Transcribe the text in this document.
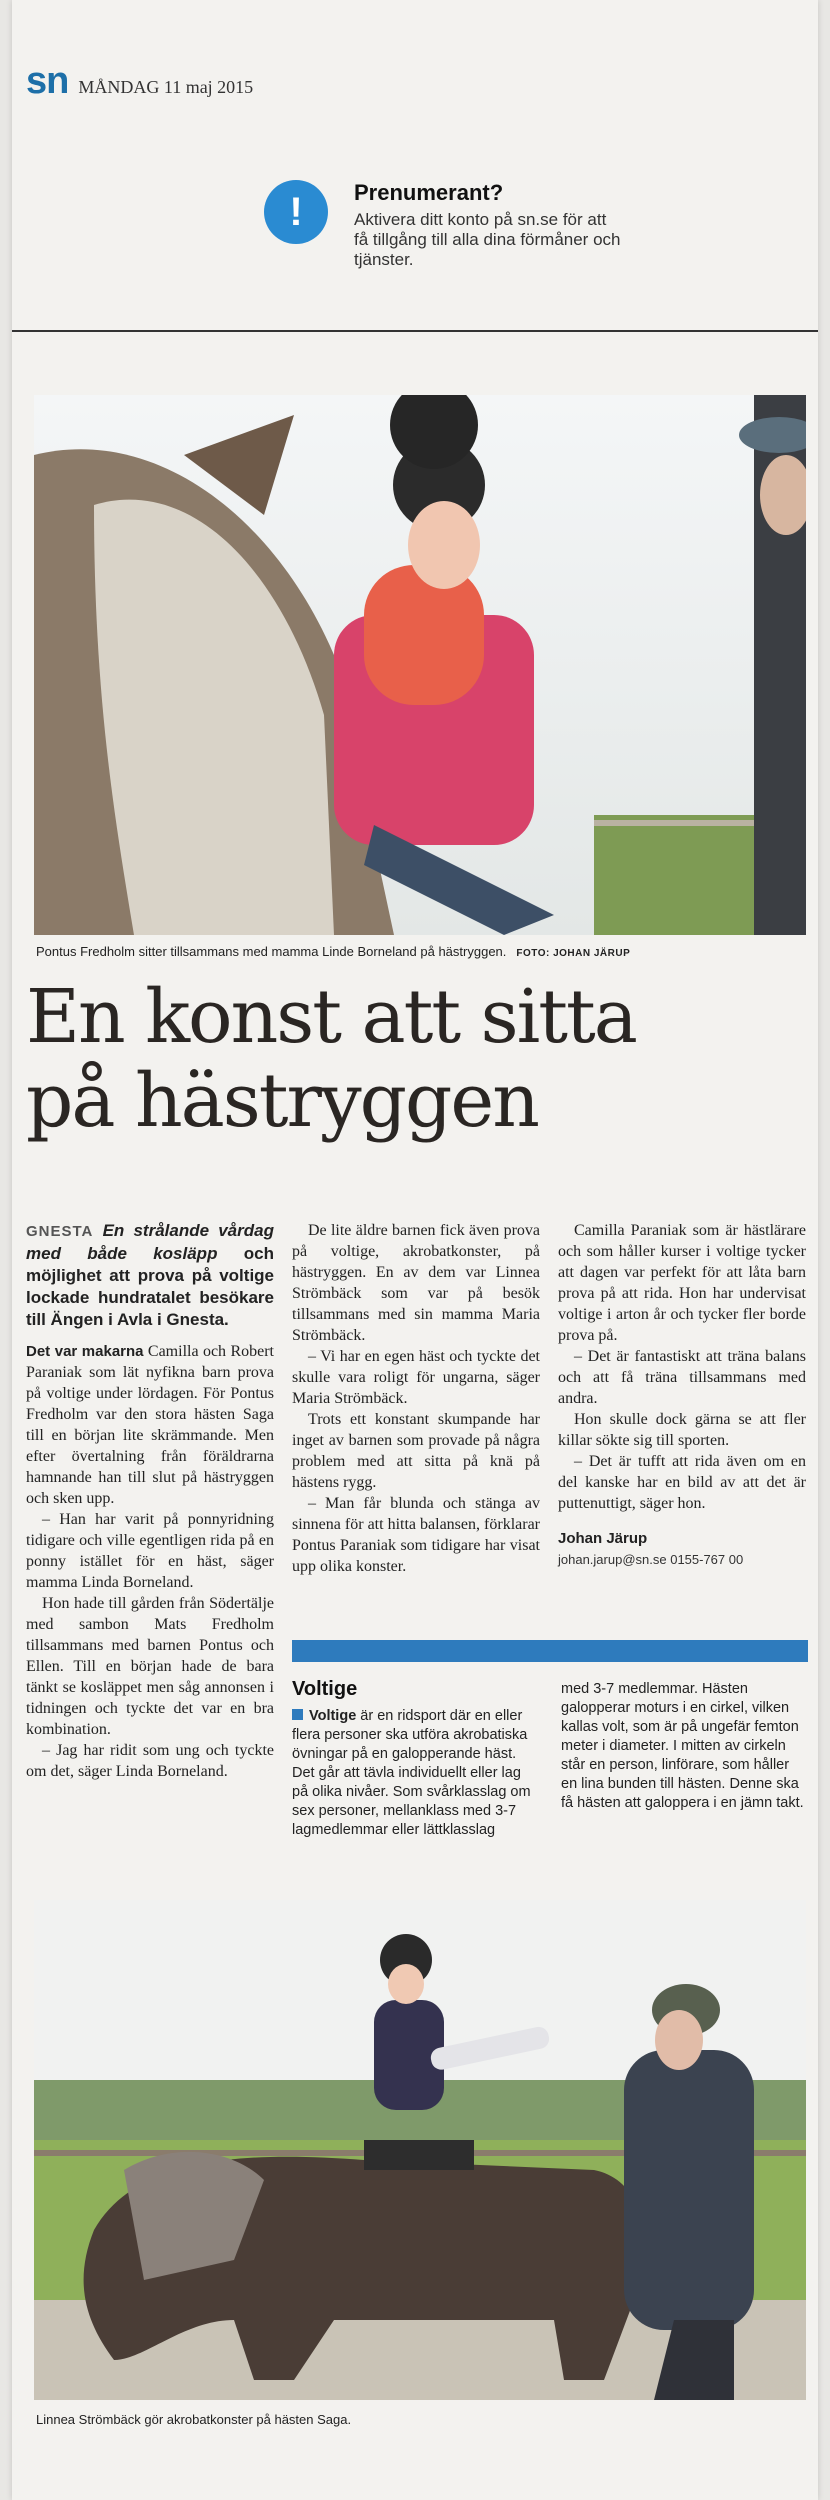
sn MÅNDAG 11 maj 2015
!	Prenumerant?
Aktivera ditt konto på sn.se för att få tillgång till alla dina förmåner och tjänster.
Pontus Fredholm sitter tillsammans med mamma Linde Borneland på hästryggen. FOTO: JOHAN JÄRUP
En konst att sitta
på hästryggen

GNESTA En strålande vårdag med både kosläpp och möjlighet att prova på voltige lockade hundratalet besökare till Ängen i Avla i Gnesta.

Det var makarna Camilla och Robert Paraniak som lät nyfikna barn prova på voltige under lördagen. För Pontus Fredholm var den stora hästen Saga till en början lite skrämmande. Men efter övertalning från föräldrarna hamnande han till slut på hästryggen och sken upp.

– Han har varit på ponnyridning tidigare och ville egentligen rida på en ponny istället för en häst, säger mamma Linda Borneland.

Hon hade till gården från Södertälje med sambon Mats Fredholm tillsammans med barnen Pontus och Ellen. Till en början hade de bara tänkt se kosläppet men såg annonsen i tidningen och tyckte det var en bra kombination.

– Jag har ridit som ung och tyckte om det, säger Linda Borneland.

De lite äldre barnen fick även prova på voltige, akrobatkonster, på hästryggen. En av dem var Linnea Strömbäck som var på besök tillsammans med sin mamma Maria Strömbäck.

– Vi har en egen häst och tyckte det skulle vara roligt för ungarna, säger Maria Strömbäck.

Trots ett konstant skumpande har inget av barnen som provade på några problem med att sitta på knä på hästens rygg.

– Man får blunda och stänga av sinnena för att hitta balansen, förklarar Pontus Paraniak som tidigare har visat upp olika konster.

Camilla Paraniak som är hästlärare och som håller kurser i voltige tycker att dagen var perfekt för att låta barn prova på att rida. Hon har undervisat voltige i arton år och tycker fler borde prova på.

– Det är fantastiskt att träna balans och att få träna tillsammans med andra.

Hon skulle dock gärna se att fler killar sökte sig till sporten.

– Det är tufft att rida även om en del kanske har en bild av att det är puttenuttigt, säger hon.

Johan Järup
johan.jarup@sn.se 0155-767 00
Voltige
Voltige är en ridsport där en eller flera personer ska utföra akrobatiska övningar på en galopperande häst. Det går att tävla individuellt eller lag på olika nivåer. Som svårklasslag om sex personer, mellanklass med 3-7 lagmedlemmar eller lättklasslag
med 3-7 medlemmar. Hästen galopperar moturs i en cirkel, vilken kallas volt, som är på ungefär femton meter i diameter. I mitten av cirkeln står en person, linförare, som håller en lina bunden till hästen. Denne ska få hästen att galoppera i en jämn takt.
Linnea Strömbäck gör akrobatkonster på hästen Saga.
